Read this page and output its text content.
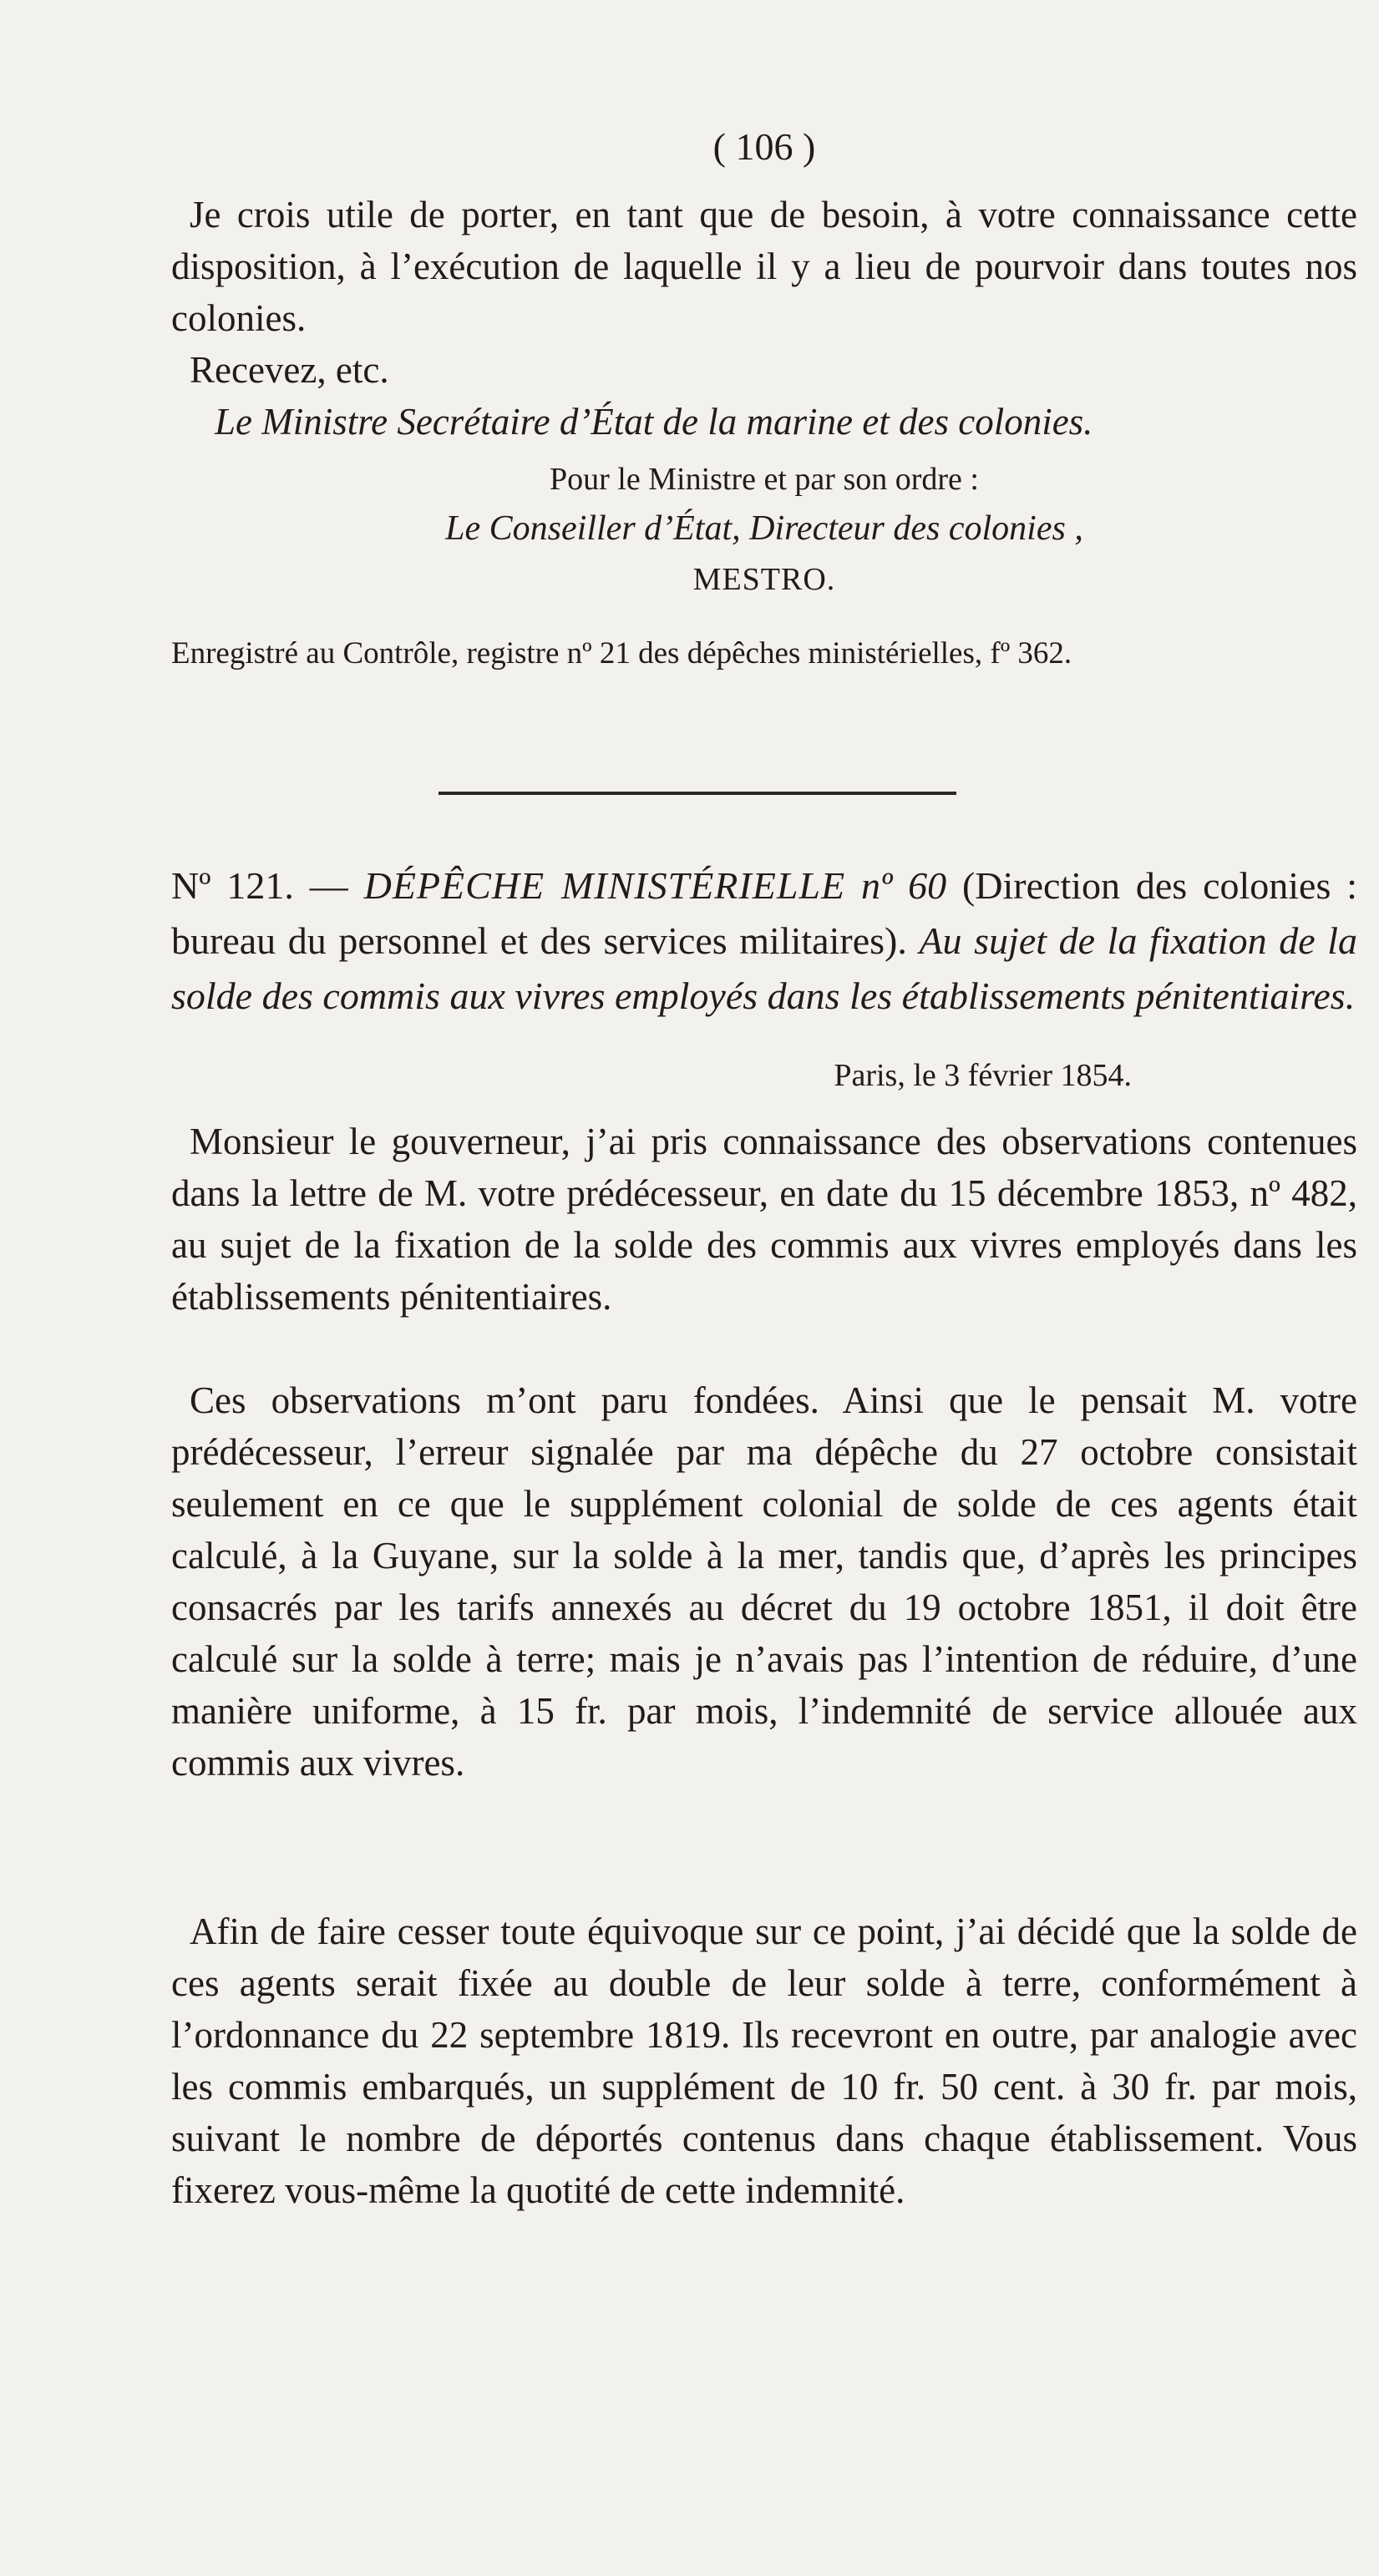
( 106 )

Je crois utile de porter, en tant que de besoin, à votre connaissance cette disposition, à l’exécution de laquelle il y a lieu de pourvoir dans toutes nos colonies.

Recevez, etc.

Le Ministre Secrétaire d’État de la marine et des colonies.

Pour le Ministre et par son ordre :

Le Conseiller d’État, Directeur des colonies ,

MESTRO.

Enregistré au Contrôle, registre nº 21 des dépêches ministérielles, fº 362.

Nº 121. — DÉPÊCHE MINISTÉRIELLE nº 60 (Direction des colonies : bureau du personnel et des services militaires). Au sujet de la fixation de la solde des commis aux vivres employés dans les établissements pénitentiaires.

Paris, le 3 février 1854.

Monsieur le gouverneur, j’ai pris connaissance des observations contenues dans la lettre de M. votre prédécesseur, en date du 15 décembre 1853, nº 482, au sujet de la fixation de la solde des commis aux vivres employés dans les établissements pénitentiaires.

Ces observations m’ont paru fondées. Ainsi que le pensait M. votre prédécesseur, l’erreur signalée par ma dépêche du 27 octobre consistait seulement en ce que le supplément colonial de solde de ces agents était calculé, à la Guyane, sur la solde à la mer, tandis que, d’après les principes consacrés par les tarifs annexés au décret du 19 octobre 1851, il doit être calculé sur la solde à terre; mais je n’avais pas l’intention de réduire, d’une manière uniforme, à 15 fr. par mois, l’indemnité de service allouée aux commis aux vivres.

Afin de faire cesser toute équivoque sur ce point, j’ai décidé que la solde de ces agents serait fixée au double de leur solde à terre, conformément à l’ordonnance du 22 septembre 1819. Ils recevront en outre, par analogie avec les commis embarqués, un supplément de 10 fr. 50 cent. à 30 fr. par mois, suivant le nombre de déportés contenus dans chaque établissement. Vous fixerez vous-même la quotité de cette indemnité.
